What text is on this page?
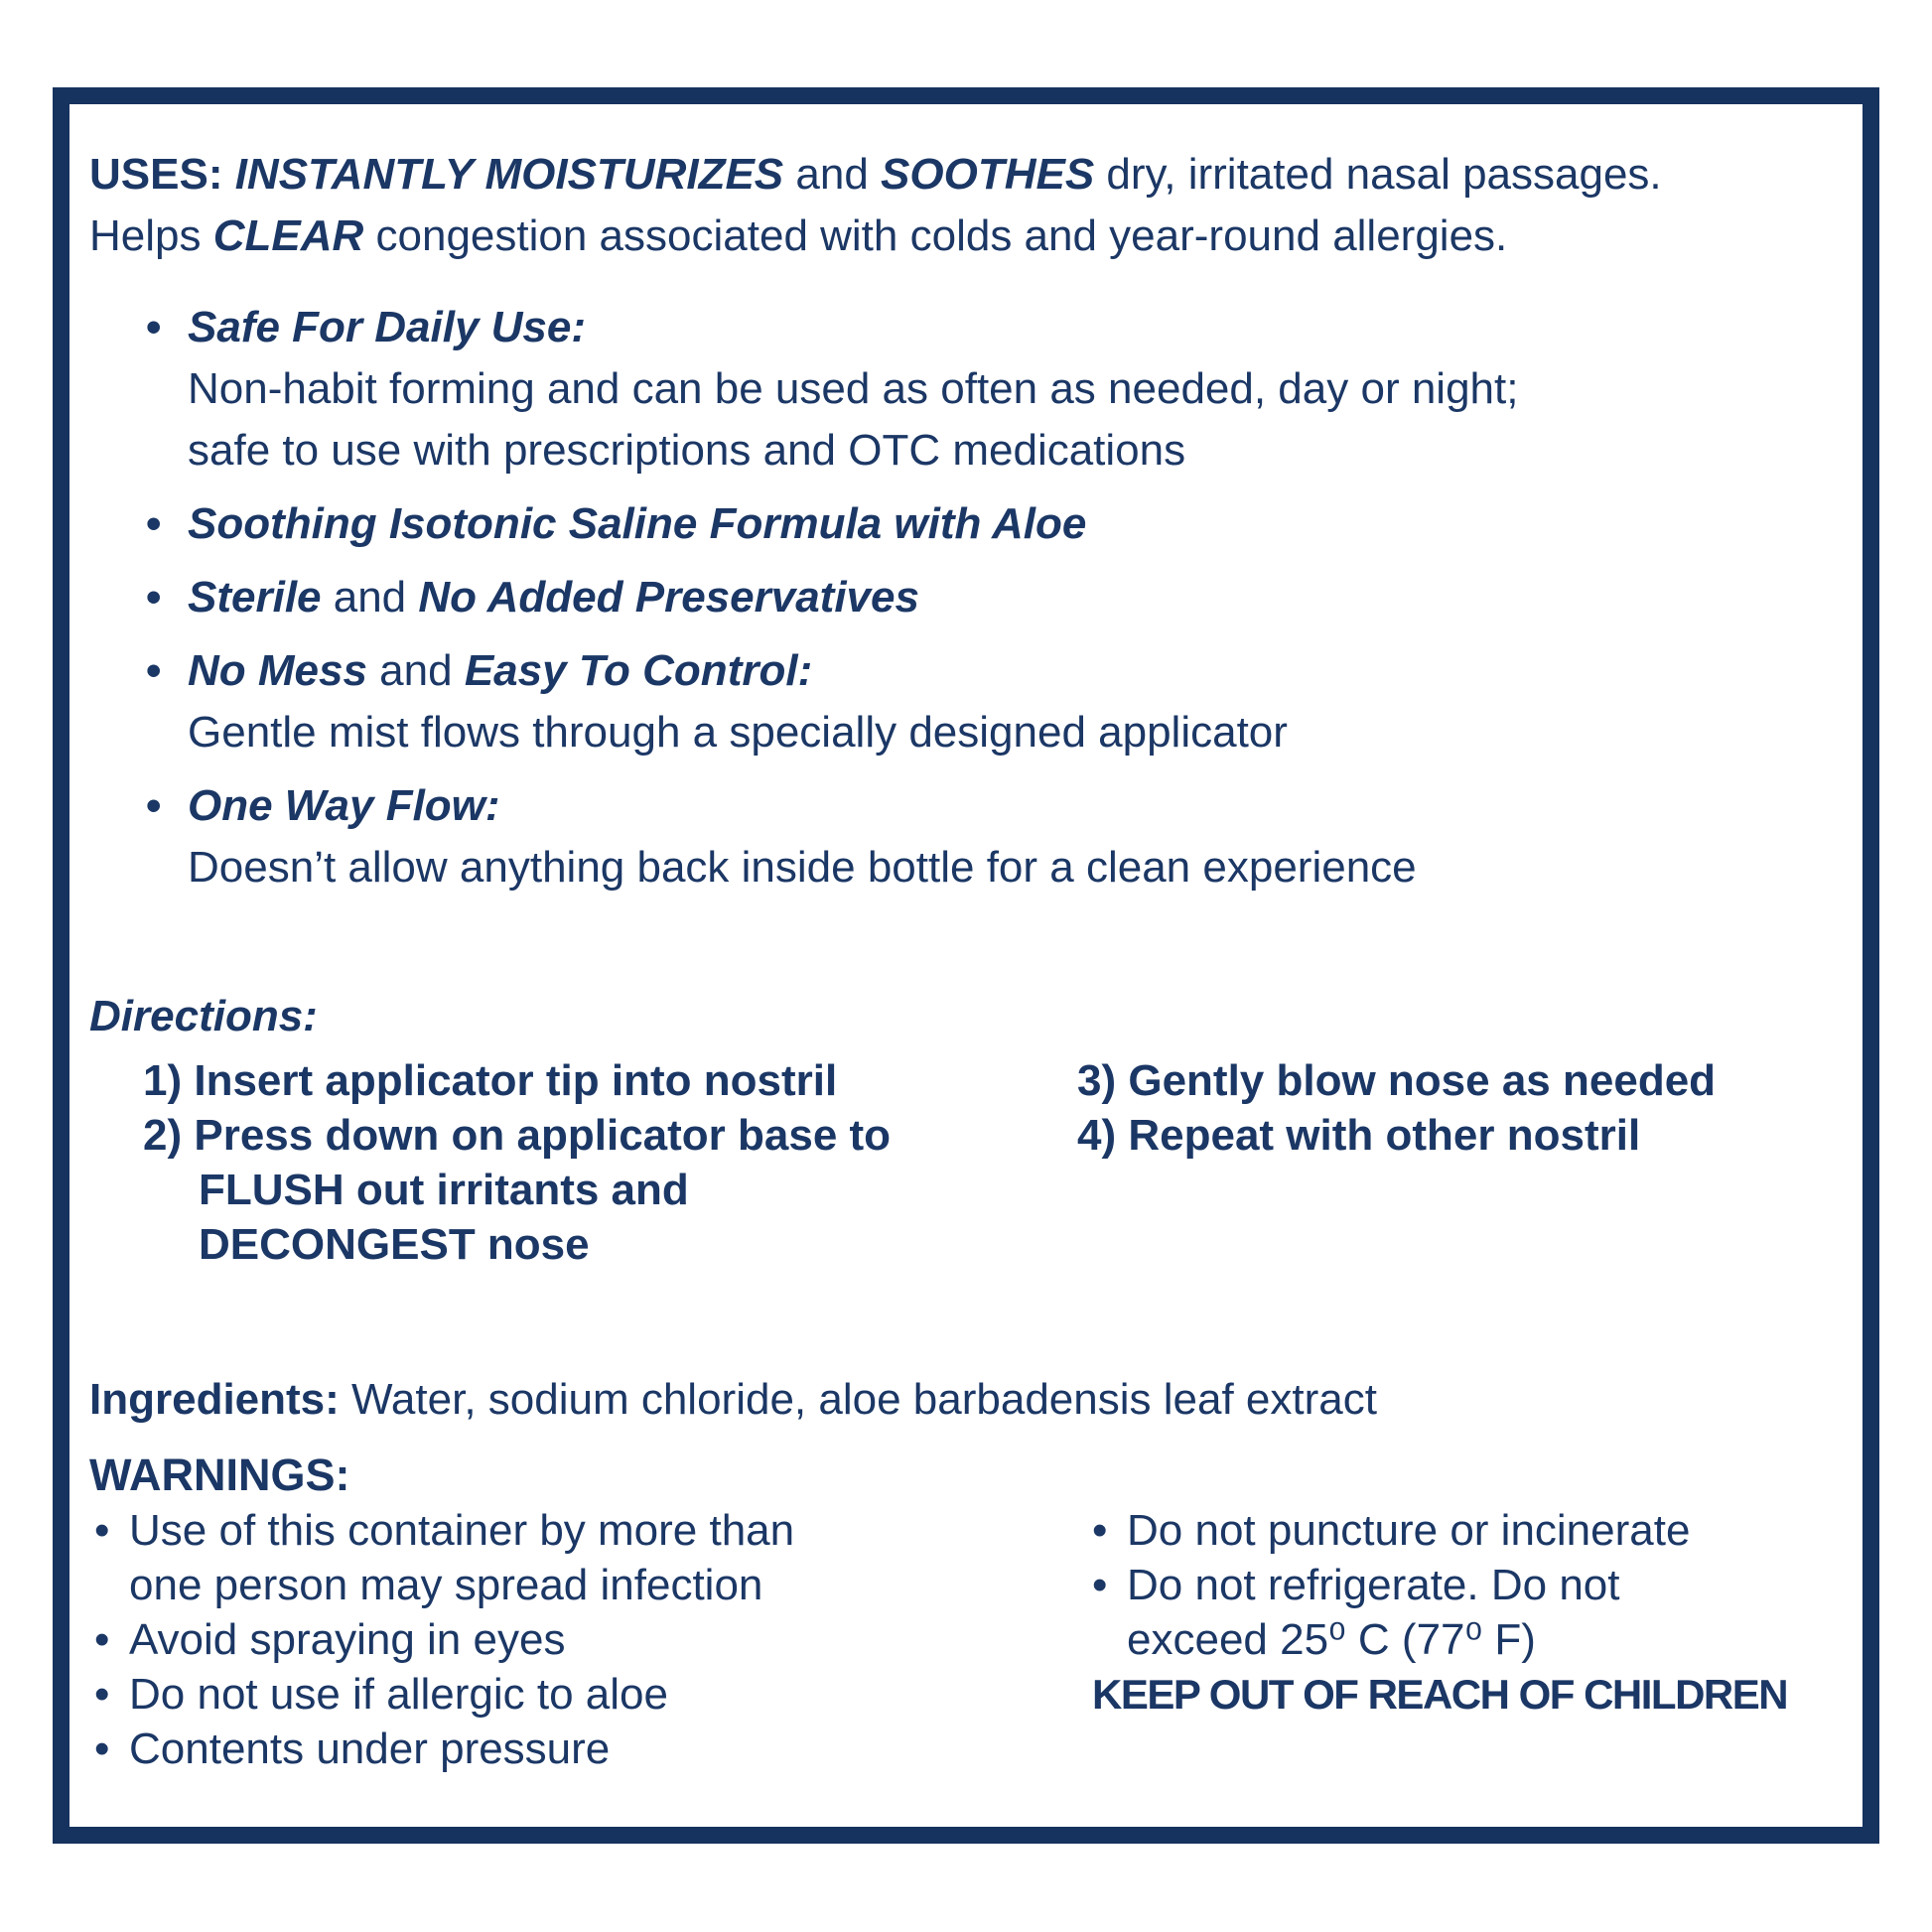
USES: INSTANTLY MOISTURIZES and SOOTHES dry, irritated nasal passages.
Helps CLEAR congestion associated with colds and year-round allergies.
• Safe For Daily Use:
Non-habit forming and can be used as often as needed, day or night;
safe to use with prescriptions and OTC medications
• Soothing Isotonic Saline Formula with Aloe
• Sterile and No Added Preservatives
• No Mess and Easy To Control:
Gentle mist flows through a specially designed applicator
• One Way Flow:
Doesn’t allow anything back inside bottle for a clean experience
Directions:
1) Insert applicator tip into nostril
2) Press down on applicator base to
FLUSH out irritants and
DECONGEST nose
3) Gently blow nose as needed
4) Repeat with other nostril
Ingredients: Water, sodium chloride, aloe barbadensis leaf extract
WARNINGS:
• Use of this container by more than
one person may spread infection
• Avoid spraying in eyes
• Do not use if allergic to aloe
• Contents under pressure
• Do not puncture or incinerate
• Do not refrigerate. Do not
exceed 25⁰ C (77⁰ F)
KEEP OUT OF REACH OF CHILDREN
